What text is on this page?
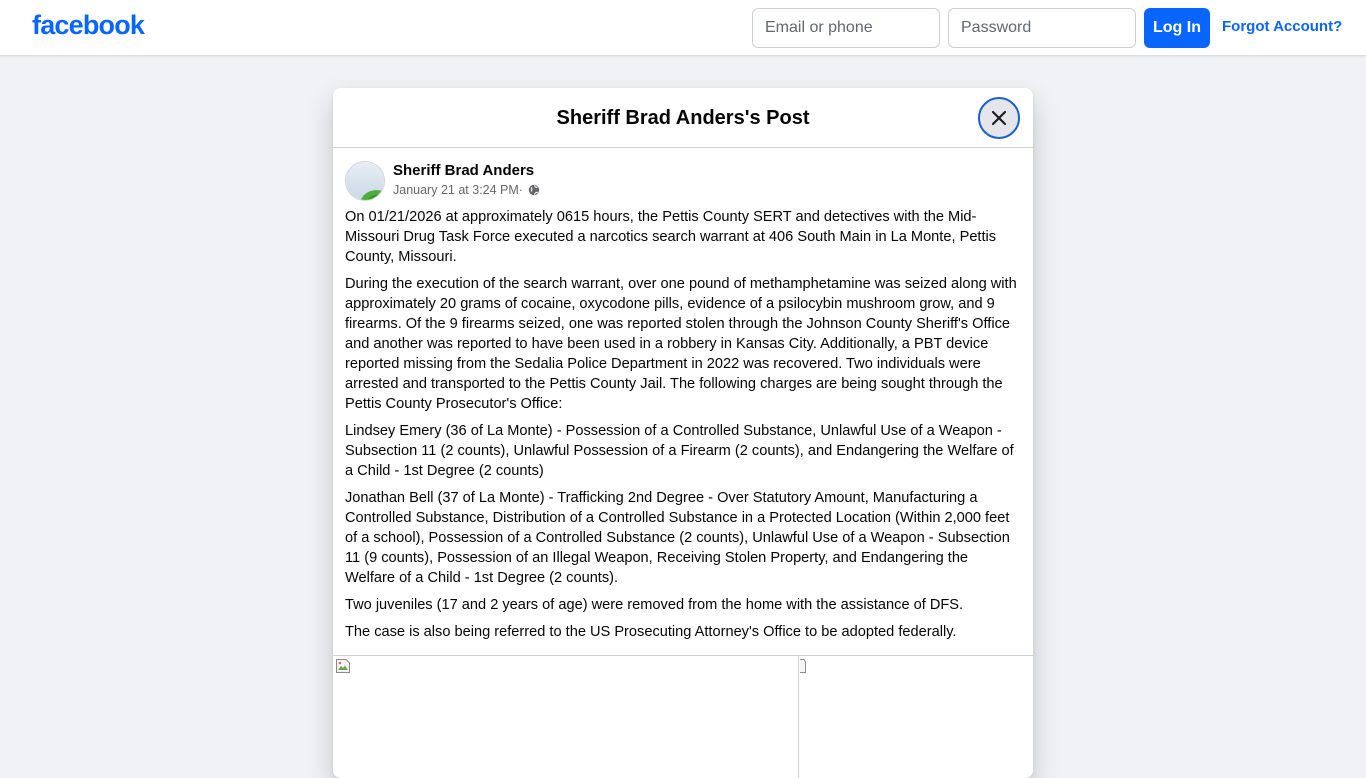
facebook
Email or phone	Log In	Forgot Account?
Sheriff Brad Anders's Post
Sheriff Brad Anders
January 21 at 3:24 PM ·

On 01/21/2026 at approximately 0615 hours, the Pettis County SERT and detectives with the Mid-Missouri Drug Task Force executed a narcotics search warrant at 406 South Main in La Monte, Pettis County, Missouri.

During the execution of the search warrant, over one pound of methamphetamine was seized along with approximately 20 grams of cocaine, oxycodone pills, evidence of a psilocybin mushroom grow, and 9 firearms. Of the 9 firearms seized, one was reported stolen through the Johnson County Sheriff's Office and another was reported to have been used in a robbery in Kansas City. Additionally, a PBT device reported missing from the Sedalia Police Department in 2022 was recovered. Two individuals were arrested and transported to the Pettis County Jail. The following charges are being sought through the Pettis County Prosecutor's Office:

Lindsey Emery (36 of La Monte) - Possession of a Controlled Substance, Unlawful Use of a Weapon - Subsection 11 (2 counts), Unlawful Possession of a Firearm (2 counts), and Endangering the Welfare of a Child - 1st Degree (2 counts)

Jonathan Bell (37 of La Monte) - Trafficking 2nd Degree - Over Statutory Amount, Manufacturing a Controlled Substance, Distribution of a Controlled Substance in a Protected Location (Within 2,000 feet of a school), Possession of a Controlled Substance (2 counts), Unlawful Use of a Weapon - Subsection 11 (9 counts), Possession of an Illegal Weapon, Receiving Stolen Property, and Endangering the Welfare of a Child - 1st Degree (2 counts).

Two juveniles (17 and 2 years of age) were removed from the home with the assistance of DFS.

The case is also being referred to the US Prosecuting Attorney's Office to be adopted federally.
